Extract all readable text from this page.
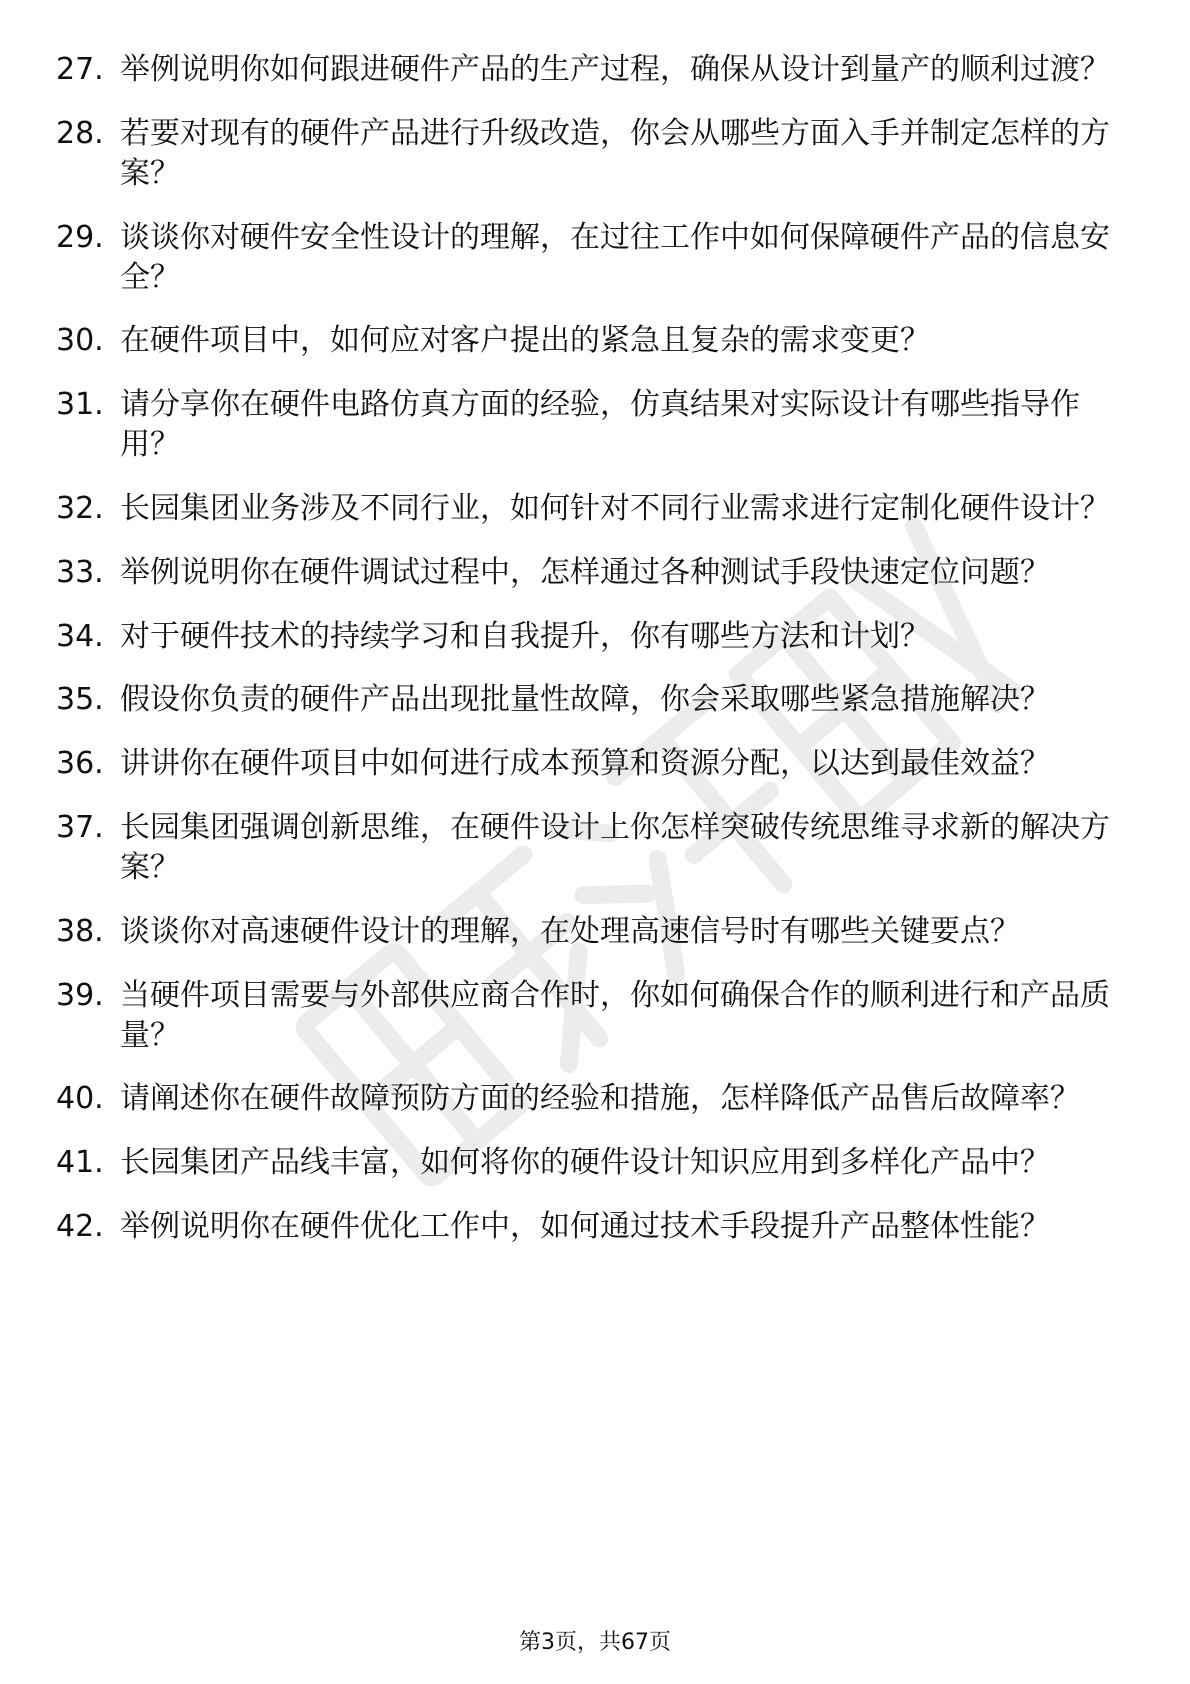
27. 举例说明你如何跟进硬件产品的生产过程，确保从设计到量产的顺利过渡？
28. 若要对现有的硬件产品进行升级改造，你会从哪些方面入手并制定怎样的方案？
29. 谈谈你对硬件安全性设计的理解，在过往工作中如何保障硬件产品的信息安全？
30. 在硬件项目中，如何应对客户提出的紧急且复杂的需求变更？
31. 请分享你在硬件电路仿真方面的经验，仿真结果对实际设计有哪些指导作用？
32. 长园集团业务涉及不同行业，如何针对不同行业需求进行定制化硬件设计？
33. 举例说明你在硬件调试过程中，怎样通过各种测试手段快速定位问题？
34. 对于硬件技术的持续学习和自我提升，你有哪些方法和计划？
35. 假设你负责的硬件产品出现批量性故障，你会采取哪些紧急措施解决？
36. 讲讲你在硬件项目中如何进行成本预算和资源分配，以达到最佳效益？
37. 长园集团强调创新思维，在硬件设计上你怎样突破传统思维寻求新的解决方案？
38. 谈谈你对高速硬件设计的理解，在处理高速信号时有哪些关键要点？
39. 当硬件项目需要与外部供应商合作时，你如何确保合作的顺利进行和产品质量？
40. 请阐述你在硬件故障预防方面的经验和措施，怎样降低产品售后故障率？
41. 长园集团产品线丰富，如何将你的硬件设计知识应用到多样化产品中？
42. 举例说明你在硬件优化工作中，如何通过技术手段提升产品整体性能？
第3页，共67页
